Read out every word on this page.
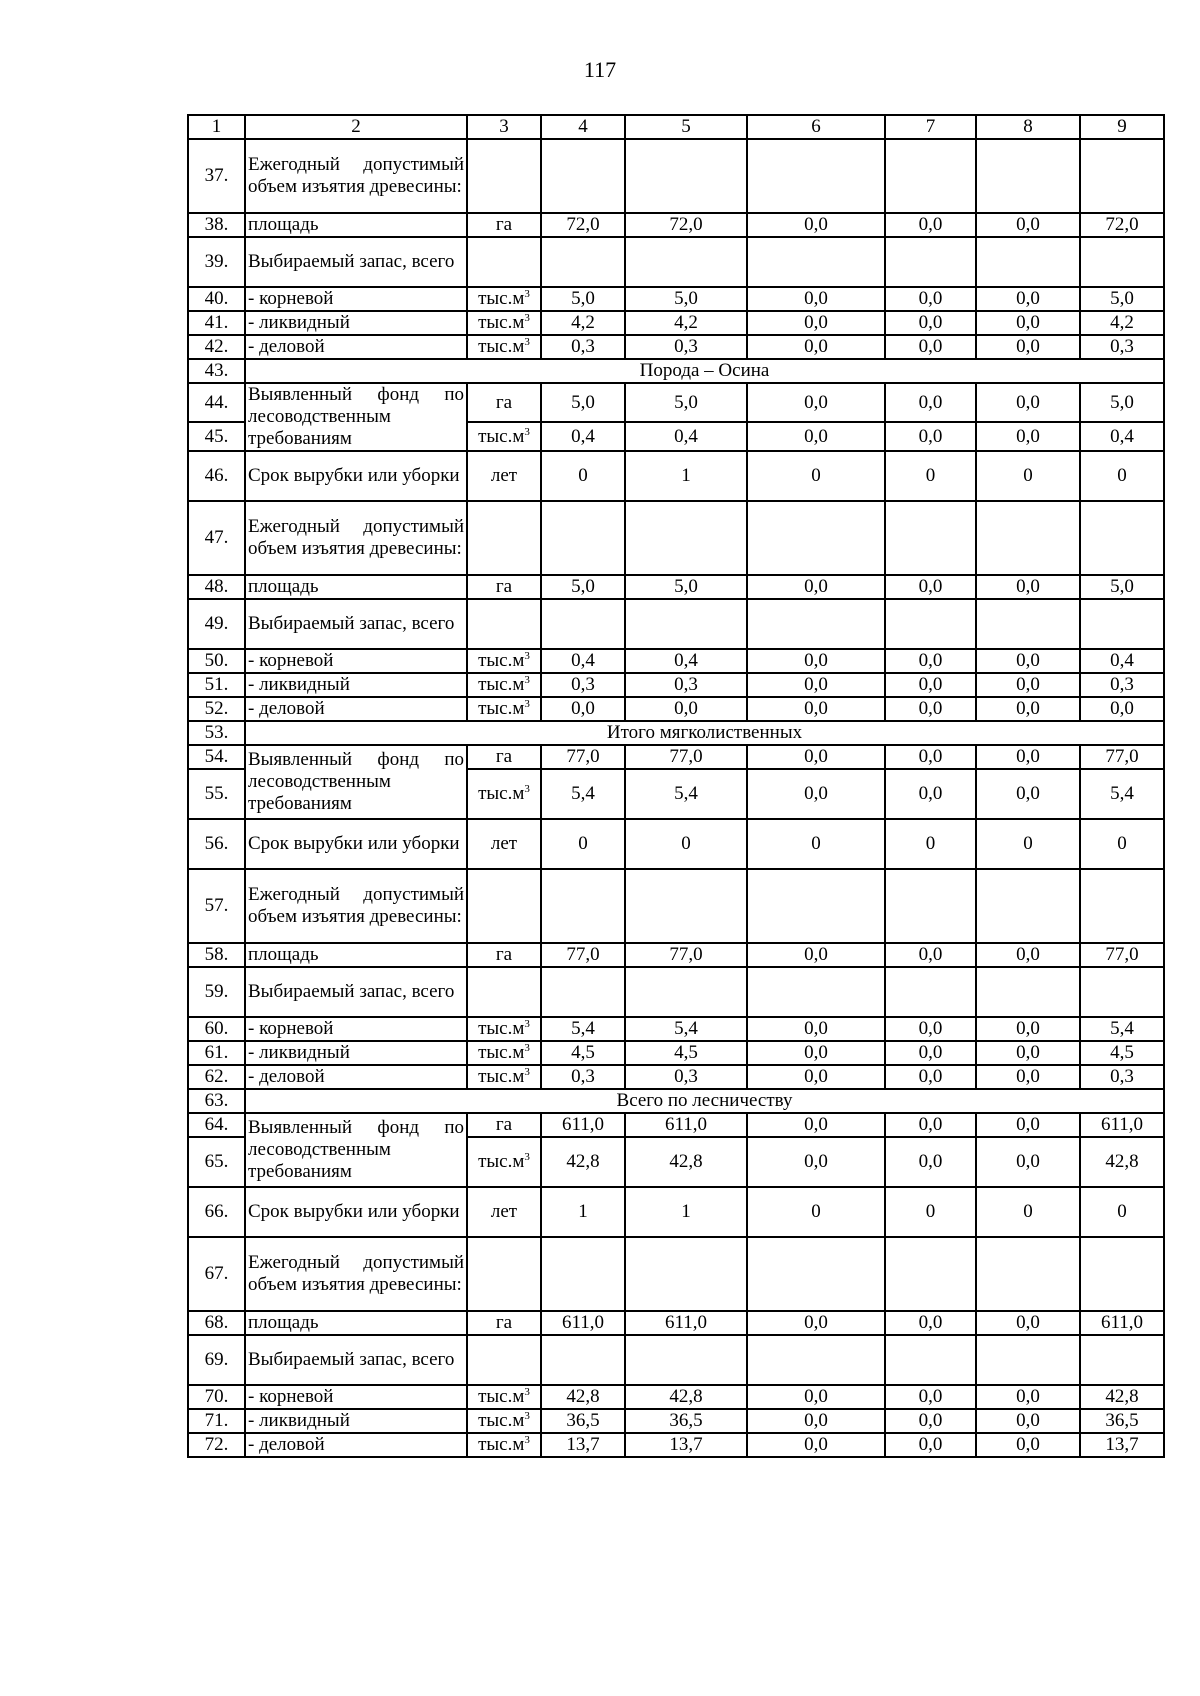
117
1	2	3	4	5	6	7	8	9
37.	Ежегодный допустимый объем изъятия древесины:							
38.	площадь	га	72,0	72,0	0,0	0,0	0,0	72,0
39.	Выбираемый запас, всего							
40.	- корневой	$тыс.м^3$	5,0	5,0	0,0	0,0	0,0	5,0
41.	- ликвидный	$тыс.м^3$	4,2	4,2	0,0	0,0	0,0	4,2
42.	- деловой	$тыс.м^3$	0,3	0,3	0,0	0,0	0,0	0,3
43.	Порода – Осина							
44.	Выявленный фонд по лесоводственным требованиям	га	5,0	5,0	0,0	0,0	0,0	5,0
45.		$тыс.м^3$	0,4	0,4	0,0	0,0	0,0	0,4
46.	Срок вырубки или уборки	лет	0	1	0	0	0	0
47.	Ежегодный допустимый объем изъятия древесины:							
48.	площадь	га	5,0	5,0	0,0	0,0	0,0	5,0
49.	Выбираемый запас, всего							
50.	- корневой	$тыс.м^3$	0,4	0,4	0,0	0,0	0,0	0,4
51.	- ликвидный	$тыс.м^3$	0,3	0,3	0,0	0,0	0,0	0,3
52.	- деловой	$тыс.м^3$	0,0	0,0	0,0	0,0	0,0	0,0
53.	Итого мягколиственных							
54.	Выявленный фонд по лесоводственным требованиям	га	77,0	77,0	0,0	0,0	0,0	77,0
55.		$тыс.м^3$	5,4	5,4	0,0	0,0	0,0	5,4
56.	Срок вырубки или уборки	лет	0	0	0	0	0	0
57.	Ежегодный допустимый объем изъятия древесины:							
58.	площадь	га	77,0	77,0	0,0	0,0	0,0	77,0
59.	Выбираемый запас, всего							
60.	- корневой	$тыс.м^3$	5,4	5,4	0,0	0,0	0,0	5,4
61.	- ликвидный	$тыс.м^3$	4,5	4,5	0,0	0,0	0,0	4,5
62.	- деловой	$тыс.м^3$	0,3	0,3	0,0	0,0	0,0	0,3
63.	Всего по лесничеству							
64.	Выявленный фонд по лесоводственным требованиям	га	611,0	611,0	0,0	0,0	0,0	611,0
65.		$тыс.м^3$	42,8	42,8	0,0	0,0	0,0	42,8
66.	Срок вырубки или уборки	лет	1	1	0	0	0	0
67.	Ежегодный допустимый объем изъятия древесины:							
68.	площадь	га	611,0	611,0	0,0	0,0	0,0	611,0
69.	Выбираемый запас, всего							
70.	- корневой	$тыс.м^3$	42,8	42,8	0,0	0,0	0,0	42,8
71.	- ликвидный	$тыс.м^3$	36,5	36,5	0,0	0,0	0,0	36,5
72.	- деловой	$тыс.м^3$	13,7	13,7	0,0	0,0	0,0	13,7
